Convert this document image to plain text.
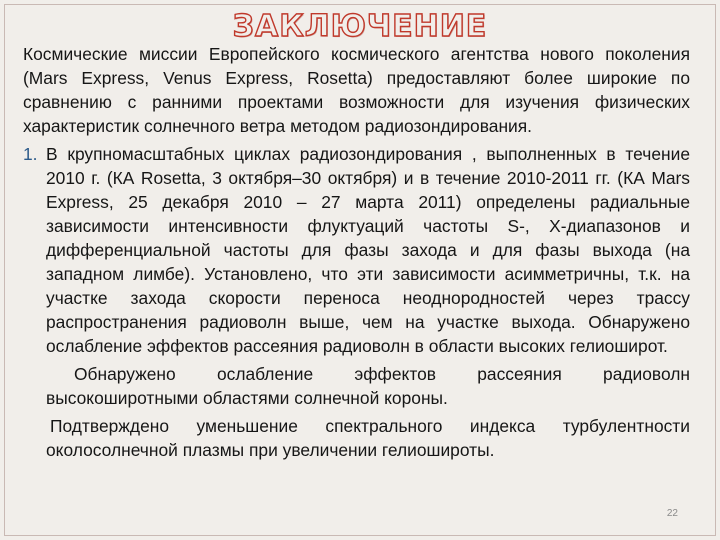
ЗАКЛЮЧЕНИЕ

Космические миссии Европейского космического агентства нового поколения (Mars Express, Venus Express, Rosetta) предоставляют более широкие по сравнению с ранними проектами возможности для изучения физических характеристик солнечного ветра методом радиозондирования.

1. В крупномасштабных циклах радиозондирования , выполненных в течение 2010 г. (КА Rosetta, 3 октября–30 октября) и в течение 2010-2011 гг. (КА Mars Express, 25 декабря 2010 – 27 марта 2011) определены радиальные зависимости интенсивности флуктуаций частоты S-, X-диапазонов и дифференциальной частоты для фазы захода и для фазы выхода (на западном лимбе). Установлено, что эти зависимости асимметричны, т.к. на участке захода скорости переноса неоднородностей через трассу распространения радиоволн выше, чем на участке выхода. Обнаружено ослабление эффектов рассеяния радиоволн в области высоких гелиоширот.

Обнаружено ослабление эффектов рассеяния радиоволн высокоширотными областями солнечной короны.

Подтверждено уменьшение спектрального индекса турбулентности околосолнечной плазмы при увеличении гелиошироты.

22
